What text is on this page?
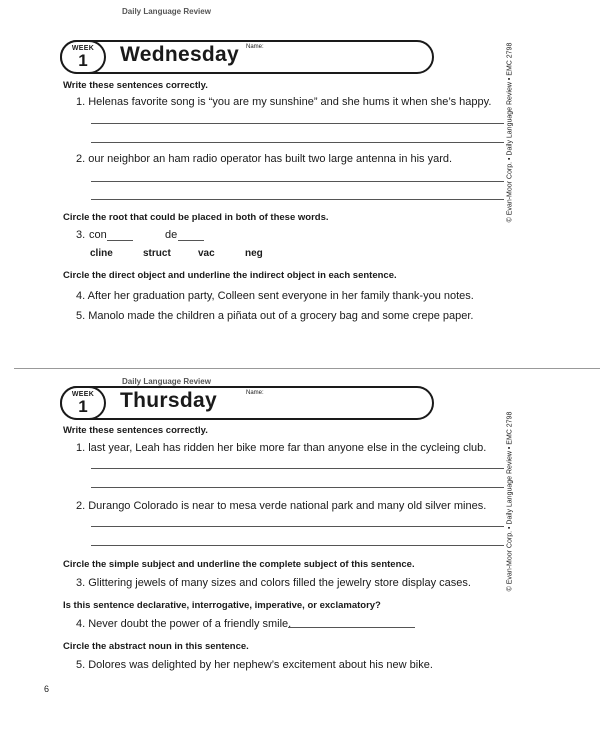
Daily Language Review
WEEK
1	Wednesday Name:
Write these sentences correctly.
1. Helenas favorite song is “you are my sunshine” and she hums it when she’s happy.
2. our neighbor an ham radio operator has built two large antenna in his yard.
Circle the root that could be placed in both of these words.
3. con	de
cline	struct	vac	neg
Circle the direct object and underline the indirect object in each sentence.
4. After her graduation party, Colleen sent everyone in her family thank-you notes.
5. Manolo made the children a piñata out of a grocery bag and some crepe paper.
Daily Language Review
WEEK
1	Thursday	Name:
Write these sentences correctly.
1. last year, Leah has ridden her bike more far than anyone else in the cycleing club.
2. Durango Colorado is near to mesa verde national park and many old silver mines.
Circle the simple subject and underline the complete subject of this sentence.
3. Glittering jewels of many sizes and colors filled the jewelry store display cases.
Is this sentence declarative, interrogative, imperative, or exclamatory?
4. Never doubt the power of a friendly smile.
Circle the abstract noun in this sentence.
5. Dolores was delighted by her nephew’s excitement about his new bike.
© Evan-Moor Corp. • Daily Language Review • EMC 2798
© Evan-Moor Corp. • Daily Language Review • EMC 2798
6
